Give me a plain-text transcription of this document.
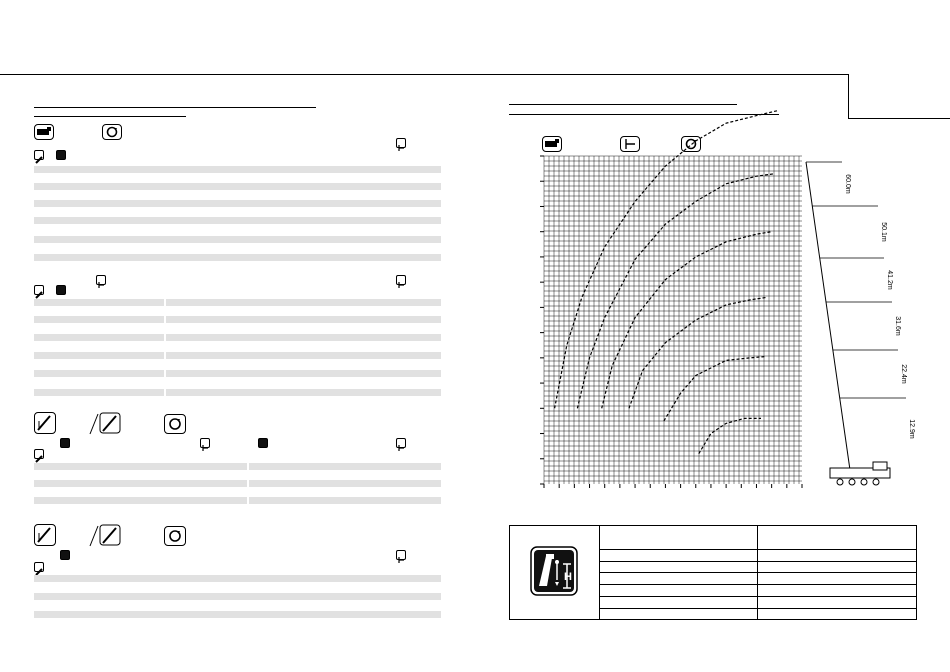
60.0m
50.1m
41.2m
31.6m
22.4m
12.9m
H
